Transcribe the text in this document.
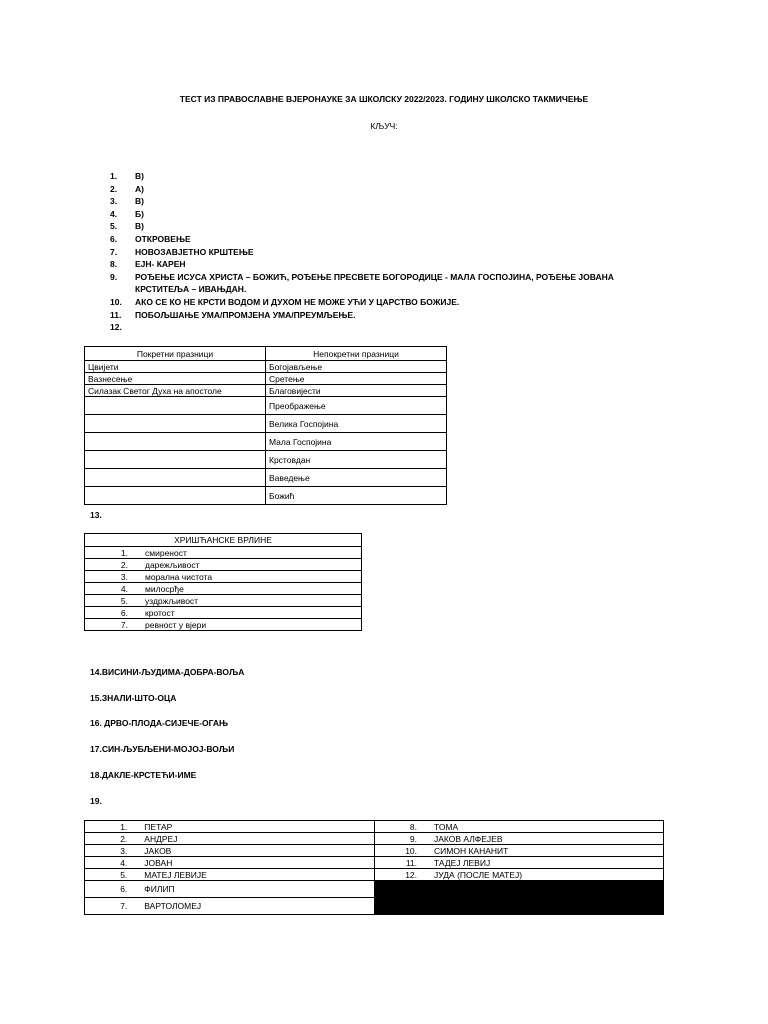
ТЕСТ ИЗ ПРАВОСЛАВНЕ ВЈЕРОНАУКЕ ЗА ШКОЛСКУ 2022/2023. ГОДИНУ ШКОЛСКО ТАКМИЧЕЊЕ
КЉУЧ:
1.	В)
2.	А)
3.	В)
4.	Б)
5.	В)
6.	ОТКРОВЕЊЕ
7.	НОВОЗАВЈЕТНО КРШТЕЊЕ
8.	ЕЈН- КАРЕН
9.	РОЂЕЊЕ ИСУСА ХРИСТА – БОЖИЋ, РОЂЕЊЕ ПРЕСВЕТЕ БОГОРОДИЦЕ - МАЛА ГОСПОЈИНА, РОЂЕЊЕ ЈОВАНА КРСТИТЕЉА – ИВАЊДАН.
10.	АКО СЕ КО НЕ КРСТИ ВОДОМ И ДУХОМ НЕ МОЖЕ УЋИ У ЦАРСТВО БОЖИЈЕ.
11.	ПОБОЉШАЊЕ УМА/ПРОМЈЕНА УМА/ПРЕУМЉЕЊЕ.
12.
Покретни празници	Непокретни празници
Цвијети	Богојављење
Вазнесење	Сретење
Силазак Светог Духа на апостоле	Благовијести
	Преображење
	Велика Госпојина
	Мала Госпојина
	Крстовдан
	Ваведење
	Божић
13.
ХРИШЋАНСКЕ ВРЛИНЕ	
1.	смиреност
2.	дарежљивост
3.	морална чистота
4.	милосрђе
5.	уздржљивост
6.	кротост
7.	ревност у вјери
14.ВИСИНИ-ЉУДИМА-ДОБРА-ВОЉА
15.ЗНАЛИ-ШТО-ОЦА
16. ДРВО-ПЛОДА-СИЈЕЧЕ-ОГАЊ
17.СИН-ЉУБЉЕНИ-МОЈОЈ-ВОЉИ
18.ДАКЛЕ-КРСТЕЋИ-ИМЕ
19.
1.	ПЕТАР	8.	ТОМА
2.	АНДРЕЈ	9.	ЈАКОВ АЛФЕЈЕВ
3.	ЈАКОВ	10.	СИМОН КАНАНИТ
4.	ЈОВАН	11.	ТАДЕЈ ЛЕВИЈ
5.	МАТЕЈ ЛЕВИЈЕ	12.	ЈУДА (ПОСЛЕ МАТЕЈ)
6.	ФИЛИП		
7.	ВАРТОЛОМЕЈ		
